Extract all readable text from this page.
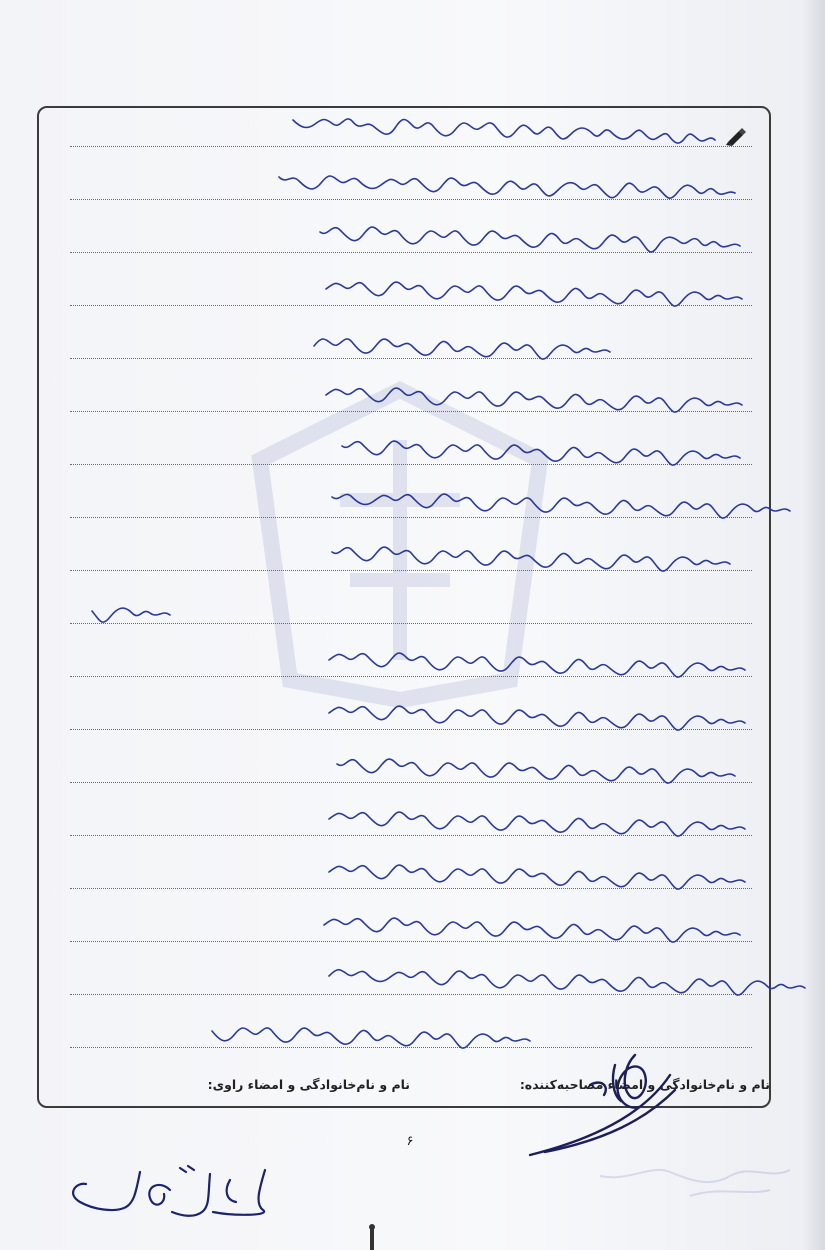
نام و نام‌خانوادگی و امضاء مصاحبه‌کننده:
نام و نام‌خانوادگی و امضاء راوی:
۶
